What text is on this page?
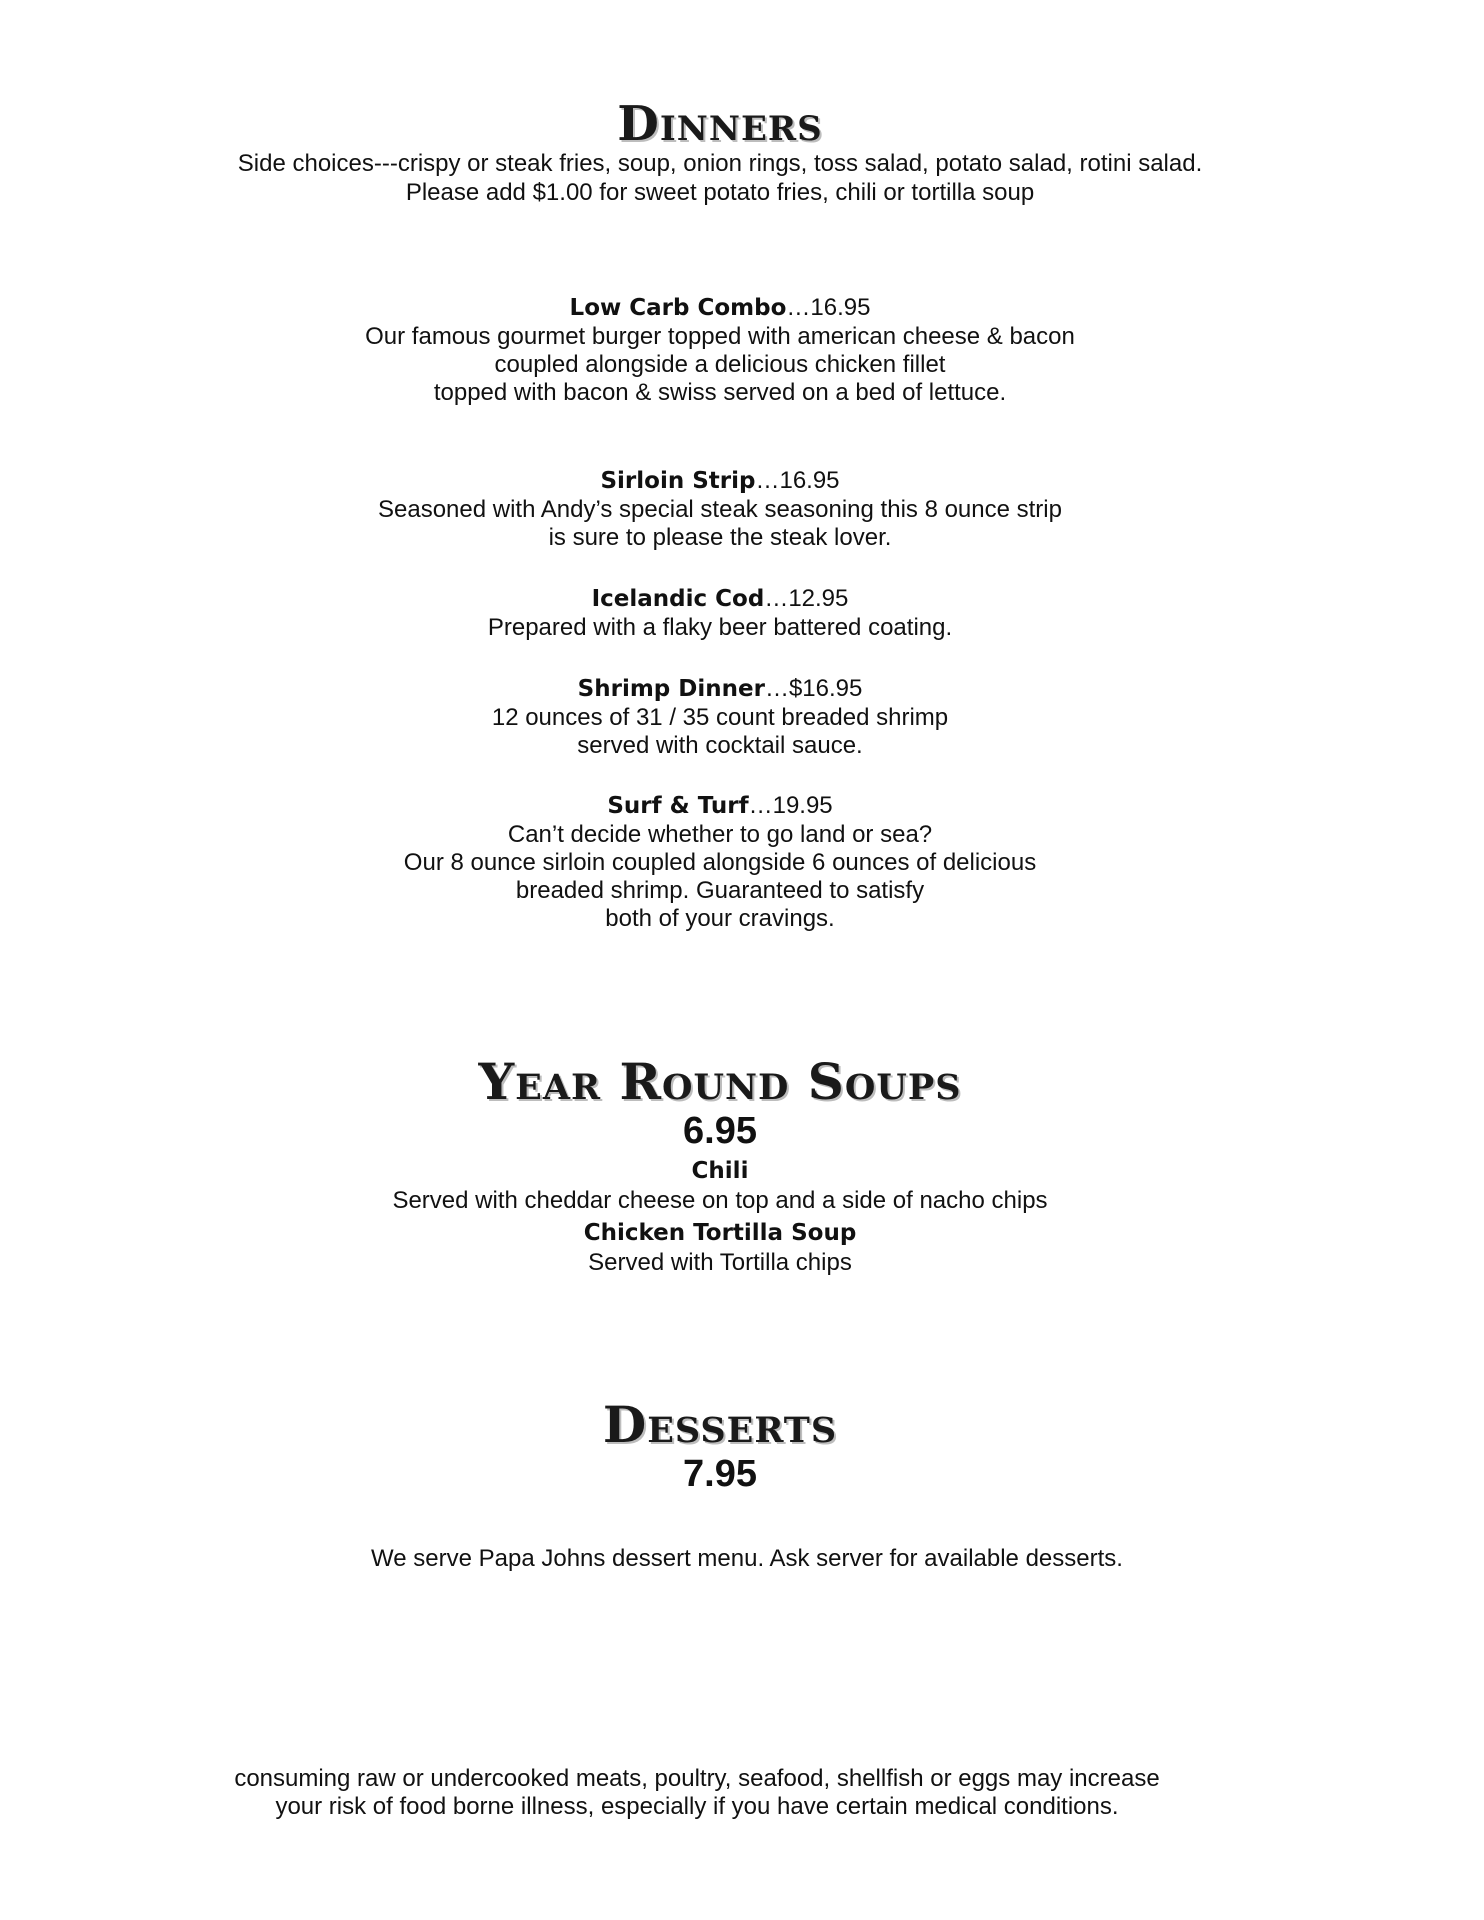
Dinners
Side choices---crispy or steak fries, soup, onion rings, toss salad, potato salad, rotini salad.
Please add $1.00 for sweet potato fries, chili or tortilla soup
Low Carb Combo…16.95
Our famous gourmet burger topped with american cheese & bacon
coupled alongside a delicious chicken fillet
topped with bacon & swiss served on a bed of lettuce.
Sirloin Strip…16.95
Seasoned with Andy’s special steak seasoning this 8 ounce strip
is sure to please the steak lover.
Icelandic Cod…12.95
Prepared with a flaky beer battered coating.
Shrimp Dinner…$16.95
12 ounces of 31 / 35 count breaded shrimp
served with cocktail sauce.
Surf & Turf…19.95
Can’t decide whether to go land or sea?
Our 8 ounce sirloin coupled alongside 6 ounces of delicious
breaded shrimp. Guaranteed to satisfy
both of your cravings.
Year Round Soups
6.95
Chili
Served with cheddar cheese on top and a side of nacho chips
Chicken Tortilla Soup
Served with Tortilla chips
Desserts
7.95
We serve Papa Johns dessert menu. Ask server for available desserts.
consuming raw or undercooked meats, poultry, seafood, shellfish or eggs may increase
your risk of food borne illness, especially if you have certain medical conditions.
